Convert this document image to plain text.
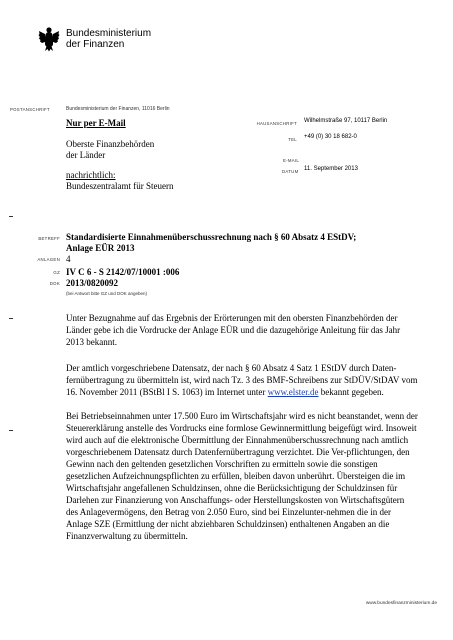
Bundesministerium
der Finanzen
POSTANSCHRIFT	Bundesministerium der Finanzen, 11016 Berlin
Nur per E-Mail
Oberste Finanzbehörden
der Länder
nachrichtlich:
Bundeszentralamt für Steuern
HAUSANSCHRIFT Wilhelmstraße 97, 10117 Berlin
TEL +49 (0) 30 18 682-0
E-MAIL
DATUM 11. September 2013
BETREFF Standardisierte Einnahmenüberschussrechnung nach § 60 Absatz 4 EStDV;
Anlage EÜR 2013
ANLAGEN 4
GZ IV C 6 - S 2142/07/10001 :006
DOK 2013/0820092
(bei Antwort bitte GZ und DOK angeben)

Unter Bezugnahme auf das Ergebnis der Erörterungen mit den obersten Finanzbehörden der Länder gebe ich die Vordrucke der Anlage EÜR und die dazugehörige Anleitung für das Jahr 2013 bekannt.

Der amtlich vorgeschriebene Datensatz, der nach § 60 Absatz 4 Satz 1 EStDV durch Daten-fernübertragung zu übermitteln ist, wird nach Tz. 3 des BMF-Schreibens zur StDÜV/StDAV vom 16. November 2011 (BStBl I S. 1063) im Internet unter www.elster.de bekannt gegeben.

Bei Betriebseinnahmen unter 17.500 Euro im Wirtschaftsjahr wird es nicht beanstandet, wenn der Steuererklärung anstelle des Vordrucks eine formlose Gewinnermittlung beigefügt wird. Insoweit wird auch auf die elektronische Übermittlung der Einnahmenüberschussrechnung nach amtlich vorgeschriebenem Datensatz durch Datenfernübertragung verzichtet. Die Ver-pflichtungen, den Gewinn nach den geltenden gesetzlichen Vorschriften zu ermitteln sowie die sonstigen gesetzlichen Aufzeichnungspflichten zu erfüllen, bleiben davon unberührt. Übersteigen die im Wirtschaftsjahr angefallenen Schuldzinsen, ohne die Berücksichtigung der Schuldzinsen für Darlehen zur Finanzierung von Anschaffungs- oder Herstellungskosten von Wirtschaftsgütern des Anlagevermögens, den Betrag von 2.050 Euro, sind bei Einzelunter-nehmen die in der Anlage SZE (Ermittlung der nicht abziehbaren Schuldzinsen) enthaltenen Angaben an die Finanzverwaltung zu übermitteln.

www.bundesfinanzministerium.de
